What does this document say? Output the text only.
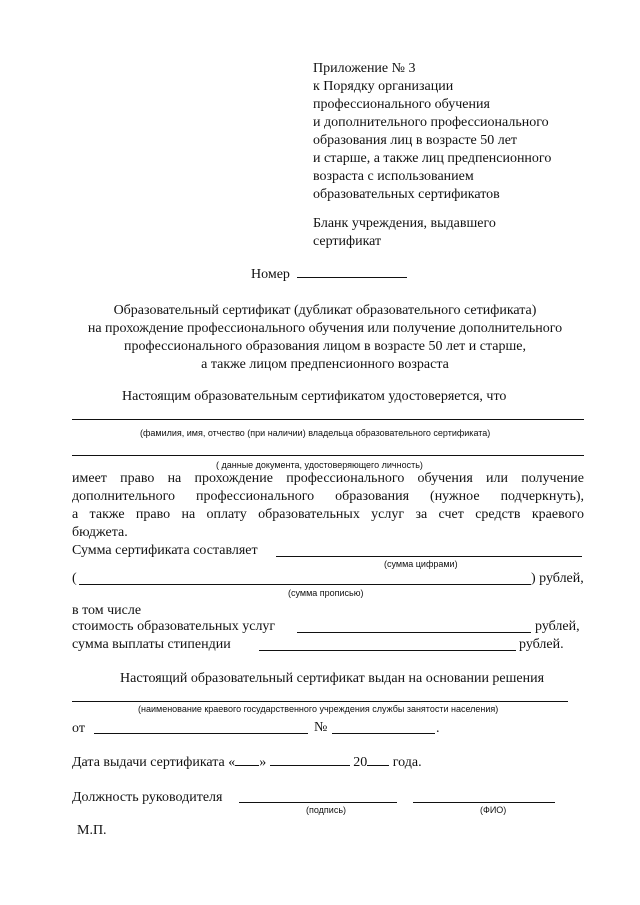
Приложение № 3
к Порядку организации
профессионального обучения
и дополнительного профессионального
образования лиц в возрасте 50 лет
и старше, а также лиц предпенсионного
возраста с использованием
образовательных сертификатов
Бланк учреждения, выдавшего
сертификат
Номер
Образовательный сертификат (дубликат образовательного сетификата)
на прохождение профессионального обучения или получение дополнительного
профессионального образования лицом в возрасте 50 лет и старше,
а также лицом предпенсионного возраста
Настоящим образовательным сертификатом удостоверяется, что
(фамилия, имя, отчество (при наличии) владельца образовательного сертификата)
( данные документа, удостоверяющего личность)
имеет право на прохождение профессионального обучения или получение
дополнительного профессионального образования (нужное подчеркнуть),
а также право на оплату образовательных услуг за счет средств краевого
бюджета.
Сумма сертификата составляет
(сумма цифрами)
(	) рублей,
(сумма прописью)
в том числе
стоимость образовательных услуг	рублей,
сумма выплаты стипендии	рублей.
Настоящий образовательный сертификат выдан на основании решения
(наименование краевого государственного учреждения службы занятости населения)
от	№	.
Дата выдачи сертификата « »	20 года.
Должность руководителя
(подпись)	(ФИО)
М.П.
